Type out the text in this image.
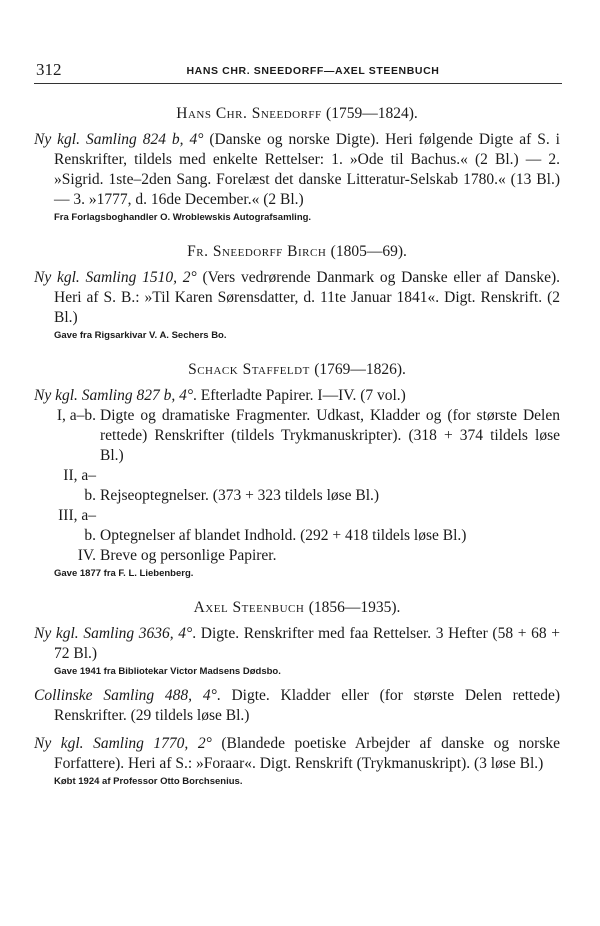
312	HANS CHR. SNEEDORFF—AXEL STEENBUCH
Hans Chr. Sneedorff (1759—1824).

Ny kgl. Samling 824 b, 4° (Danske og norske Digte). Heri følgende Digte af S. i Renskrifter, tildels med enkelte Rettelser: 1. »Ode til Bachus.« (2 Bl.) — 2. »Sigrid. 1ste–2den Sang. Forelæst det danske Litteratur-Selskab 1780.« (13 Bl.) — 3. »1777, d. 16de December.« (2 Bl.)

Fra Forlagsboghandler O. Wroblewskis Autografsamling.
Fr. Sneedorff Birch (1805—69).

Ny kgl. Samling 1510, 2° (Vers vedrørende Danmark og Danske eller af Danske). Heri af S. B.: »Til Karen Sørensdatter, d. 11te Januar 1841«. Digt. Renskrift. (2 Bl.)

Gave fra Rigsarkivar V. A. Sechers Bo.
Schack Staffeldt (1769—1826).

Ny kgl. Samling 827 b, 4°. Efterladte Papirer. I—IV. (7 vol.)

I, a–b. Digte og dramatiske Fragmenter. Udkast, Kladder og (for største Delen rettede) Renskrifter (tildels Trykmanuskripter). (318 + 374 tildels løse Bl.)

II, a–b. Rejseoptegnelser. (373 + 323 tildels løse Bl.)

III, a–b. Optegnelser af blandet Indhold. (292 + 418 tildels løse Bl.)

IV. Breve og personlige Papirer.

Gave 1877 fra F. L. Liebenberg.
Axel Steenbuch (1856—1935).

Ny kgl. Samling 3636, 4°. Digte. Renskrifter med faa Rettelser. 3 Hefter (58 + 68 + 72 Bl.)

Gave 1941 fra Bibliotekar Victor Madsens Dødsbo.

Collinske Samling 488, 4°. Digte. Kladder eller (for største Delen rettede) Renskrifter. (29 tildels løse Bl.)

Ny kgl. Samling 1770, 2° (Blandede poetiske Arbejder af danske og norske Forfattere). Heri af S.: »Foraar«. Digt. Renskrift (Trykmanuskript). (3 løse Bl.)

Købt 1924 af Professor Otto Borchsenius.
